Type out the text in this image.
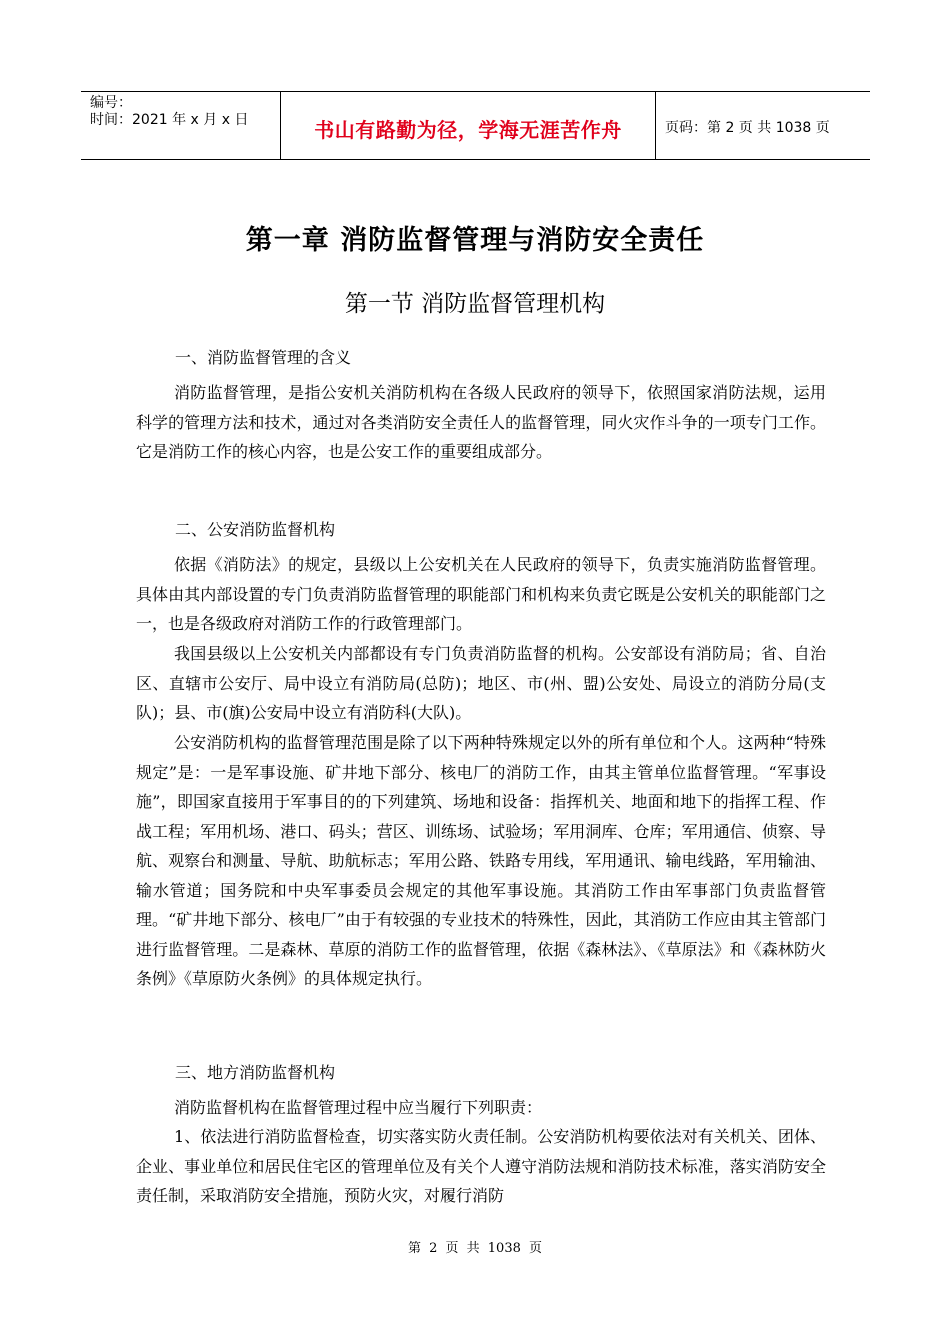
编号：
时间：2021 年 x 月 x 日	书山有路勤为径，学海无涯苦作舟	页码：第 2 页 共 1038 页
第一章 消防监督管理与消防安全责任
第一节 消防监督管理机构
一、消防监督管理的含义
消防监督管理，是指公安机关消防机构在各级人民政府的领导下，依照国家消防法规，运用科学的管理方法和技术，通过对各类消防安全责任人的监督管理，同火灾作斗争的一项专门工作。它是消防工作的核心内容，也是公安工作的重要组成部分。
二、公安消防监督机构
依据《消防法》的规定，县级以上公安机关在人民政府的领导下，负责实施消防监督管理。具体由其内部设置的专门负责消防监督管理的职能部门和机构来负责它既是公安机关的职能部门之一，也是各级政府对消防工作的行政管理部门。
我国县级以上公安机关内部都设有专门负责消防监督的机构。公安部设有消防局；省、自治区、直辖市公安厅、局中设立有消防局(总防)；地区、市(州、盟)公安处、局设立的消防分局(支队)；县、市(旗)公安局中设立有消防科(大队)。
公安消防机构的监督管理范围是除了以下两种特殊规定以外的所有单位和个人。这两种“特殊规定”是：一是军事设施、矿井地下部分、核电厂的消防工作，由其主管单位监督管理。“军事设施”，即国家直接用于军事目的的下列建筑、场地和设备：指挥机关、地面和地下的指挥工程、作战工程；军用机场、港口、码头；营区、训练场、试验场；军用洞库、仓库；军用通信、侦察、导航、观察台和测量、导航、助航标志；军用公路、铁路专用线，军用通讯、输电线路，军用输油、输水管道；国务院和中央军事委员会规定的其他军事设施。其消防工作由军事部门负责监督管理。“矿井地下部分、核电厂”由于有较强的专业技术的特殊性，因此，其消防工作应由其主管部门进行监督管理。二是森林、草原的消防工作的监督管理，依据《森林法》、《草原法》和《森林防火条例》《草原防火条例》的具体规定执行。
三、地方消防监督机构
消防监督机构在监督管理过程中应当履行下列职责：
1、依法进行消防监督检查，切实落实防火责任制。公安消防机构要依法对有关机关、团体、企业、事业单位和居民住宅区的管理单位及有关个人遵守消防法规和消防技术标准，落实消防安全责任制，采取消防安全措施，预防火灾，对履行消防
第 2 页 共 1038 页
